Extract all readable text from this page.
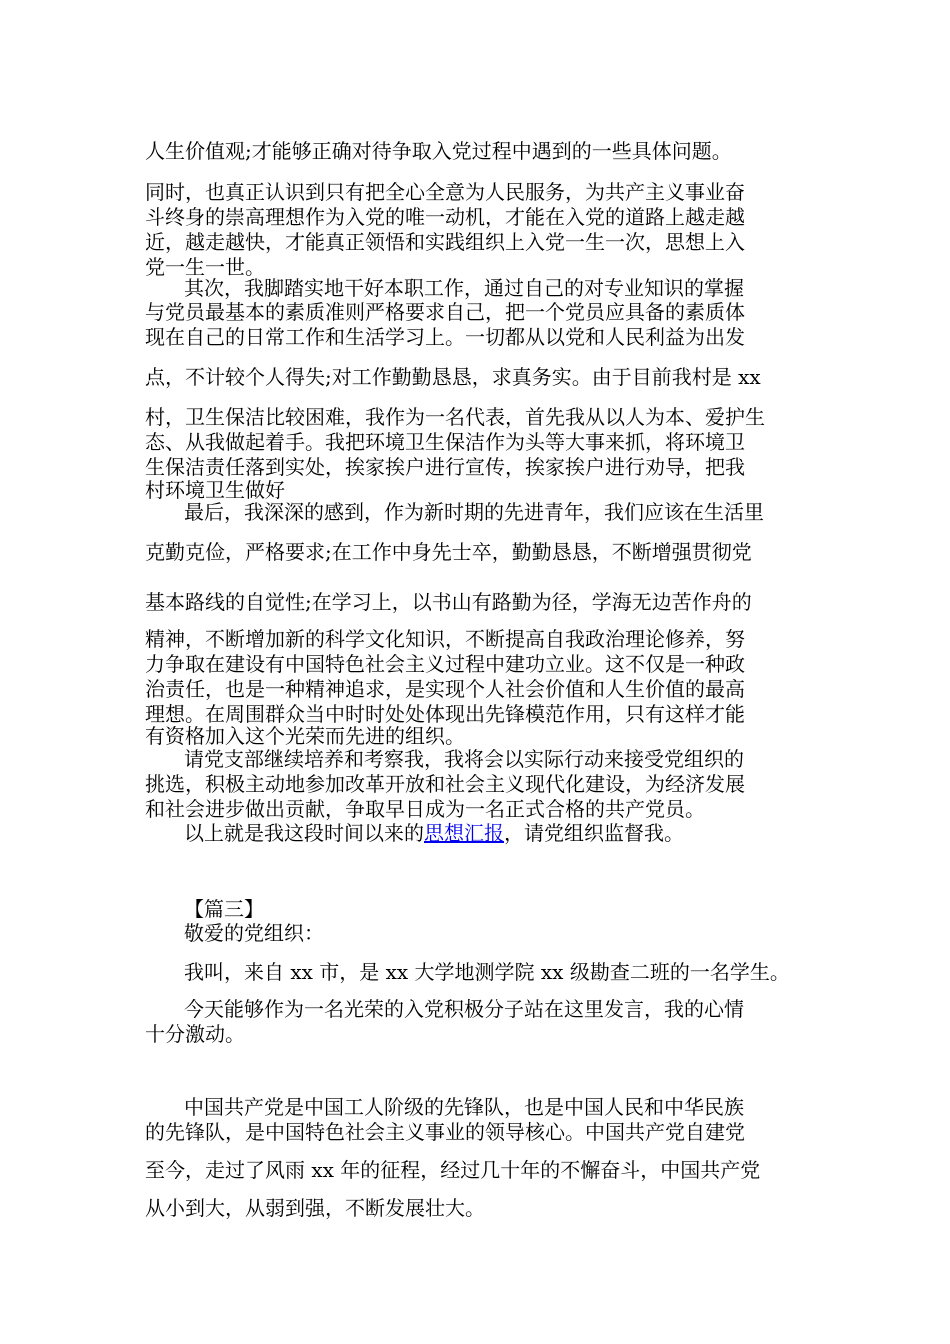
人生价值观;才能够正确对待争取入党过程中遇到的一些具体问题。

同时，也真正认识到只有把全心全意为人民服务，为共产主义事业奋

斗终身的崇高理想作为入党的唯一动机，才能在入党的道路上越走越

近，越走越快，才能真正领悟和实践组织上入党一生一次，思想上入

党一生一世。

其次，我脚踏实地干好本职工作，通过自己的对专业知识的掌握

与党员最基本的素质准则严格要求自己，把一个党员应具备的素质体

现在自己的日常工作和生活学习上。一切都从以党和人民利益为出发

点，不计较个人得失;对工作勤勤恳恳，求真务实。由于目前我村是 xx

村，卫生保洁比较困难，我作为一名代表，首先我从以人为本、爱护生

态、从我做起着手。我把环境卫生保洁作为头等大事来抓，将环境卫

生保洁责任落到实处，挨家挨户进行宣传，挨家挨户进行劝导，把我

村环境卫生做好

最后，我深深的感到，作为新时期的先进青年，我们应该在生活里

克勤克俭，严格要求;在工作中身先士卒，勤勤恳恳，不断增强贯彻党

基本路线的自觉性;在学习上，以书山有路勤为径，学海无边苦作舟的

精神，不断增加新的科学文化知识，不断提高自我政治理论修养，努

力争取在建设有中国特色社会主义过程中建功立业。这不仅是一种政

治责任，也是一种精神追求，是实现个人社会价值和人生价值的最高

理想。在周围群众当中时时处处体现出先锋模范作用，只有这样才能

有资格加入这个光荣而先进的组织。

请党支部继续培养和考察我，我将会以实际行动来接受党组织的

挑选，积极主动地参加改革开放和社会主义现代化建设，为经济发展

和社会进步做出贡献，争取早日成为一名正式合格的共产党员。

以上就是我这段时间以来的思想汇报，请党组织监督我。

【篇三】

敬爱的党组织：

我叫，来自 xx 市，是 xx 大学地测学院 xx 级勘查二班的一名学生。

今天能够作为一名光荣的入党积极分子站在这里发言，我的心情

十分激动。

中国共产党是中国工人阶级的先锋队，也是中国人民和中华民族

的先锋队，是中国特色社会主义事业的领导核心。中国共产党自建党

至今，走过了风雨 xx 年的征程，经过几十年的不懈奋斗，中国共产党

从小到大，从弱到强，不断发展壮大。
